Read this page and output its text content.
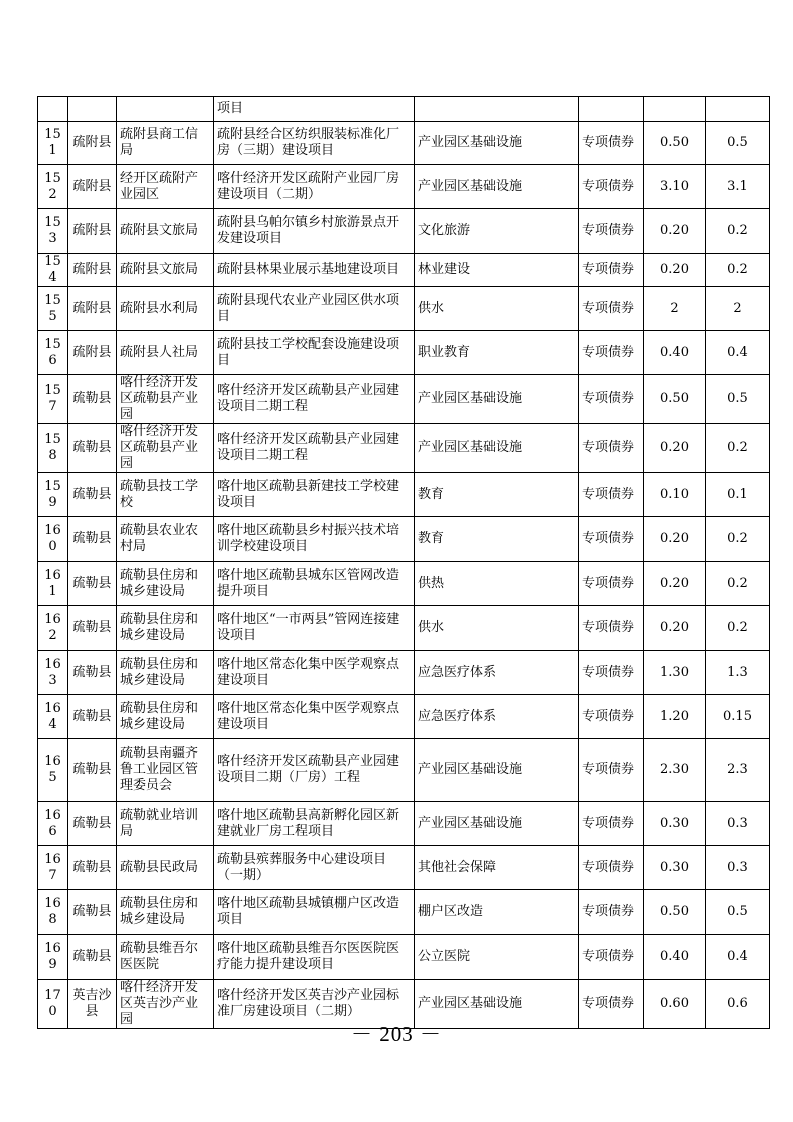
			项目				
151	疏附县	疏附县商工信局	疏附县经合区纺织服装标准化厂房（三期）建设项目	产业园区基础设施	专项债券	0.50	0.5
152	疏附县	经开区疏附产业园区	喀什经济开发区疏附产业园厂房建设项目（二期）	产业园区基础设施	专项债券	3.10	3.1
153	疏附县	疏附县文旅局	疏附县乌帕尔镇乡村旅游景点开发建设项目	文化旅游	专项债券	0.20	0.2
154	疏附县	疏附县文旅局	疏附县林果业展示基地建设项目	林业建设	专项债券	0.20	0.2
155	疏附县	疏附县水利局	疏附县现代农业产业园区供水项目	供水	专项债券	2	2
156	疏附县	疏附县人社局	疏附县技工学校配套设施建设项目	职业教育	专项债券	0.40	0.4
157	疏勒县	喀什经济开发区疏勒县产业园	喀什经济开发区疏勒县产业园建设项目二期工程	产业园区基础设施	专项债券	0.50	0.5
158	疏勒县	喀什经济开发区疏勒县产业园	喀什经济开发区疏勒县产业园建设项目二期工程	产业园区基础设施	专项债券	0.20	0.2
159	疏勒县	疏勒县技工学校	喀什地区疏勒县新建技工学校建设项目	教育	专项债券	0.10	0.1
160	疏勒县	疏勒县农业农村局	喀什地区疏勒县乡村振兴技术培训学校建设项目	教育	专项债券	0.20	0.2
161	疏勒县	疏勒县住房和城乡建设局	喀什地区疏勒县城东区管网改造提升项目	供热	专项债券	0.20	0.2
162	疏勒县	疏勒县住房和城乡建设局	喀什地区“一市两县”管网连接建设项目	供水	专项债券	0.20	0.2
163	疏勒县	疏勒县住房和城乡建设局	喀什地区常态化集中医学观察点建设项目	应急医疗体系	专项债券	1.30	1.3
164	疏勒县	疏勒县住房和城乡建设局	喀什地区常态化集中医学观察点建设项目	应急医疗体系	专项债券	1.20	0.15
165	疏勒县	疏勒县南疆齐鲁工业园区管理委员会	喀什经济开发区疏勒县产业园建设项目二期（厂房）工程	产业园区基础设施	专项债券	2.30	2.3
166	疏勒县	疏勒就业培训局	喀什地区疏勒县高新孵化园区新建就业厂房工程项目	产业园区基础设施	专项债券	0.30	0.3
167	疏勒县	疏勒县民政局	疏勒县殡葬服务中心建设项目（一期）	其他社会保障	专项债券	0.30	0.3
168	疏勒县	疏勒县住房和城乡建设局	喀什地区疏勒县城镇棚户区改造项目	棚户区改造	专项债券	0.50	0.5
169	疏勒县	疏勒县维吾尔医医院	喀什地区疏勒县维吾尔医医院医疗能力提升建设项目	公立医院	专项债券	0.40	0.4
170	英吉沙县	喀什经济开发区英吉沙产业园	喀什经济开发区英吉沙产业园标准厂房建设项目（二期）	产业园区基础设施	专项债券	0.60	0.6
－ 203 －
